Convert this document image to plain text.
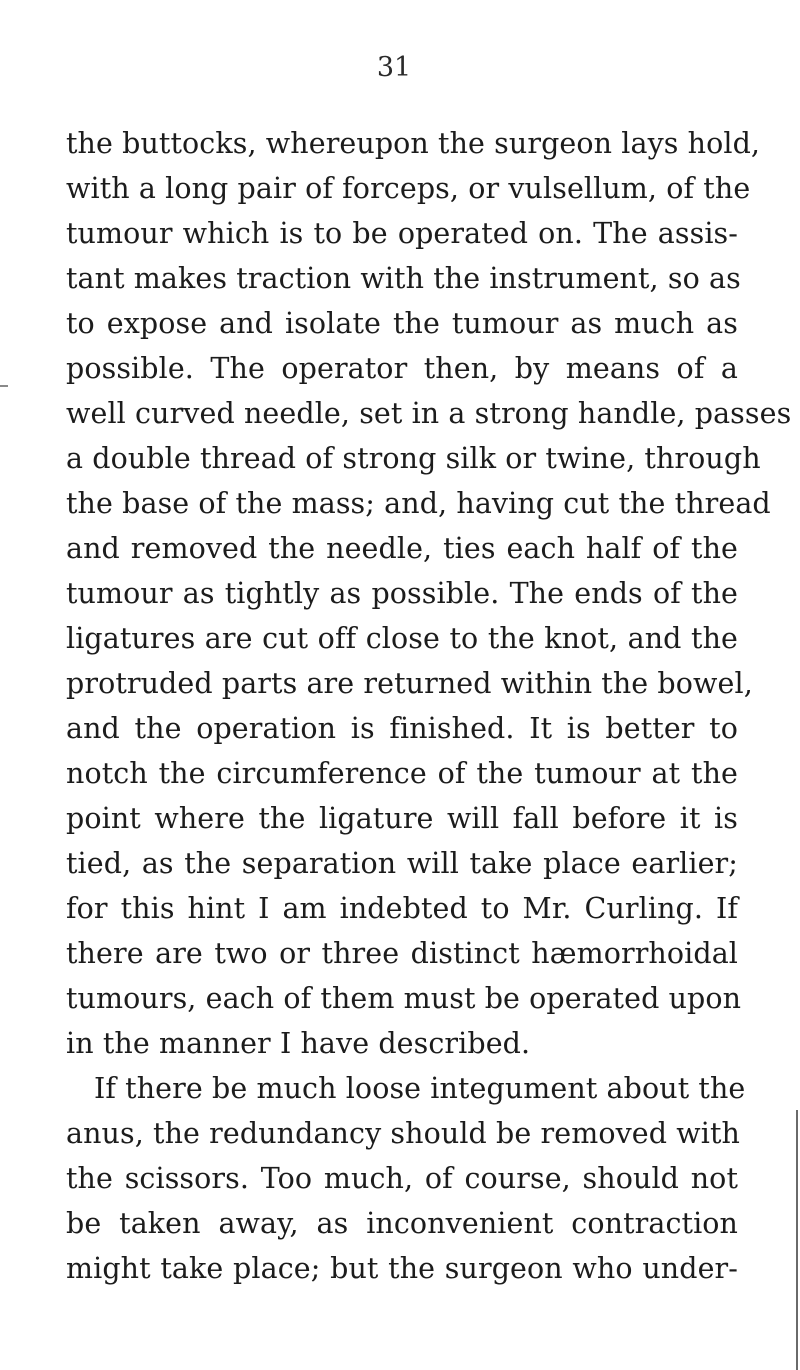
31
the buttocks, whereupon the surgeon lays hold,
with a long pair of forceps, or vulsellum, of the
tumour which is to be operated on. The assis-
tant makes traction with the instrument, so as
to expose and isolate the tumour as much as
possible. The operator then, by means of a
well curved needle, set in a strong handle, passes
a double thread of strong silk or twine, through
the base of the mass; and, having cut the thread
and removed the needle, ties each half of the
tumour as tightly as possible. The ends of the
ligatures are cut off close to the knot, and the
protruded parts are returned within the bowel,
and the operation is finished. It is better to
notch the circumference of the tumour at the
point where the ligature will fall before it is
tied, as the separation will take place earlier;
for this hint I am indebted to Mr. Curling. If
there are two or three distinct hæmorrhoidal
tumours, each of them must be operated upon
in the manner I have described.
If there be much loose integument about the
anus, the redundancy should be removed with
the scissors. Too much, of course, should not
be taken away, as inconvenient contraction
might take place; but the surgeon who under-
